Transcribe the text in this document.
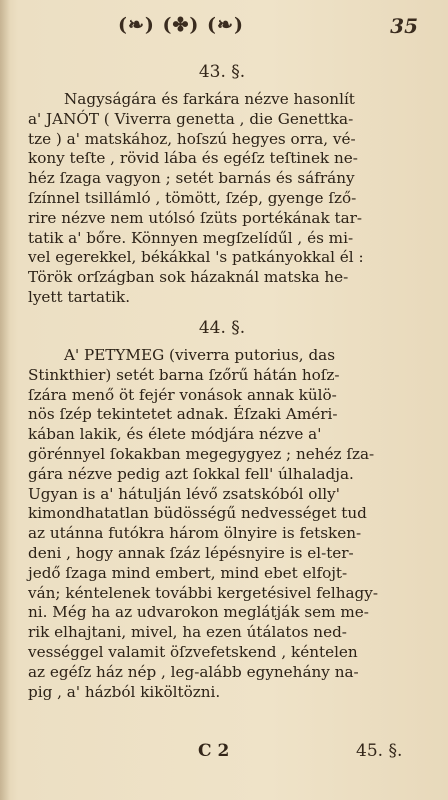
(❧) (✤) (❧)	35
43. §.
Nagyságára és farkára nézve hasonlít
a' JANÓT ( Viverra genetta , die Genettka-
tze ) a' matskához, hoſszú hegyes orra, vé-
kony teſte , rövid lába és egéſz teſtinek ne-
héz ſzaga vagyon ; setét barnás és sáfrány
ſzínnel tsillámló , tömött, ſzép, gyenge ſző-
rire nézve nem utólsó ſzüts portékának tar-
tatik a' bőre. Könnyen megſzelídűl , és mi-
vel egerekkel, békákkal 's patkányokkal él :
Török orſzágban sok házaknál matska he-
lyett tartatik.
44. §.
A' PETYMEG (viverra putorius, das
Stinkthier) setét barna ſzőrű hátán hoſz-
ſzára menő öt fejér vonások annak külö-
nös ſzép tekintetet adnak. Éſzaki Améri-
kában lakik, és élete módjára nézve a'
görénnyel ſokakban megegygyez ; nehéz ſza-
gára nézve pedig azt ſokkal fell' úlhaladja.
Ugyan is a' hátulján lévő zsatskóból olly'
kimondhatatlan büdösségű nedvességet tud
az utánna futókra három ölnyire is fetsken-
deni , hogy annak ſzáz lépésnyire is el-ter-
jedő ſzaga mind embert, mind ebet elfojt-
ván; kéntelenek további kergetésivel felhagy-
ni. Még ha az udvarokon meglátják sem me-
rik elhajtani, mivel, ha ezen útálatos ned-
vességgel valamit öſzvefetskend , kéntelen
az egéſz ház nép , leg-alább egynehány na-
pig , a' házból kiköltözni.
C 2	45. §.
